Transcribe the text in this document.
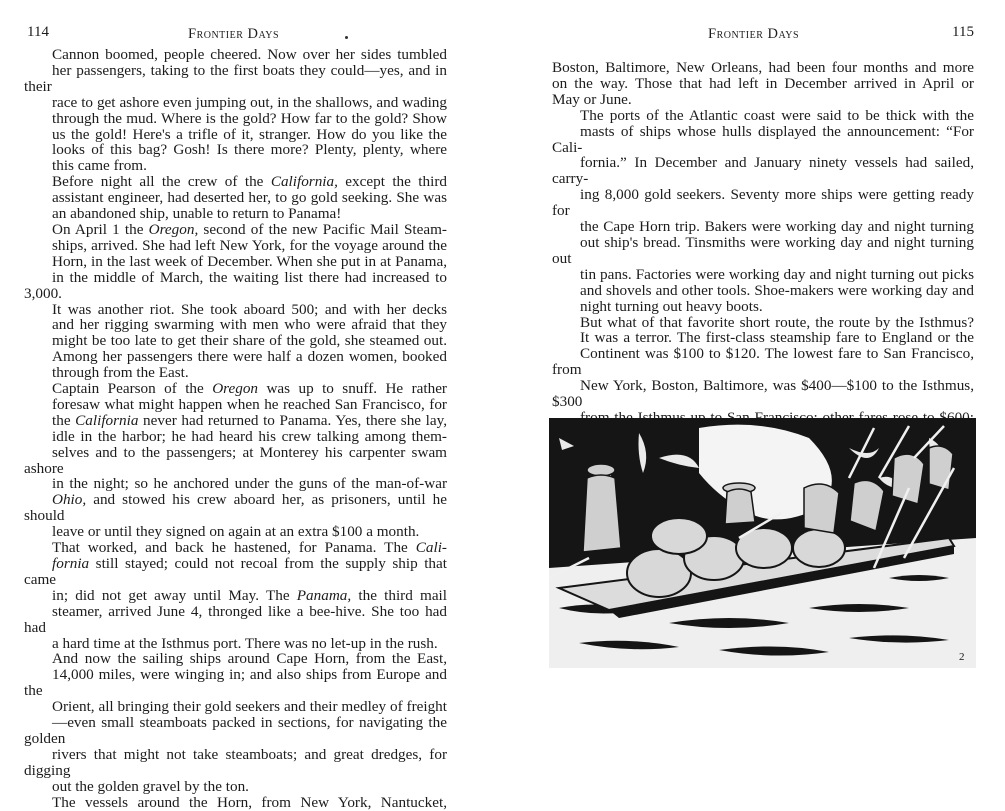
114	Frontier Days

Cannon boomed, people cheered. Now over her sides tumbled
her passengers, taking to the first boats they could—yes, and in their
race to get ashore even jumping out, in the shallows, and wading
through the mud. Where is the gold? How far to the gold? Show
us the gold! Here's a trifle of it, stranger. How do you like the
looks of this bag? Gosh! Is there more? Plenty, plenty, where
this came from.

Before night all the crew of the California, except the third
assistant engineer, had deserted her, to go gold seeking. She was
an abandoned ship, unable to return to Panama!

On April 1 the Oregon, second of the new Pacific Mail Steam-
ships, arrived. She had left New York, for the voyage around the
Horn, in the last week of December. When she put in at Panama,
in the middle of March, the waiting list there had increased to 3,000.

It was another riot. She took aboard 500; and with her decks
and her rigging swarming with men who were afraid that they
might be too late to get their share of the gold, she steamed out.
Among her passengers there were half a dozen women, booked
through from the East.

Captain Pearson of the Oregon was up to snuff. He rather
foresaw what might happen when he reached San Francisco, for
the California never had returned to Panama. Yes, there she lay,
idle in the harbor; he had heard his crew talking among them-
selves and to the passengers; at Monterey his carpenter swam ashore
in the night; so he anchored under the guns of the man-of-war
Ohio, and stowed his crew aboard her, as prisoners, until he should
leave or until they signed on again at an extra $100 a month.

That worked, and back he hastened, for Panama. The Cali-
fornia still stayed; could not recoal from the supply ship that came
in; did not get away until May. The Panama, the third mail
steamer, arrived June 4, thronged like a bee-hive. She too had had
a hard time at the Isthmus port. There was no let-up in the rush.

And now the sailing ships around Cape Horn, from the East,
14,000 miles, were winging in; and also ships from Europe and the
Orient, all bringing their gold seekers and their medley of freight
—even small steamboats packed in sections, for navigating the golden
rivers that might not take steamboats; and great dredges, for digging
out the golden gravel by the ton.

The vessels around the Horn, from New York, Nantucket,

Frontier Days	115

Boston, Baltimore, New Orleans, had been four months and more
on the way. Those that had left in December arrived in April or
May or June.

The ports of the Atlantic coast were said to be thick with the
masts of ships whose hulls displayed the announcement: “For Cali-
fornia.” In December and January ninety vessels had sailed, carry-
ing 8,000 gold seekers. Seventy more ships were getting ready for
the Cape Horn trip. Bakers were working day and night turning
out ship's bread. Tinsmiths were working day and night turning out
tin pans. Factories were working day and night turning out picks
and shovels and other tools. Shoe-makers were working day and
night turning out heavy boots.

But what of that favorite short route, the route by the Isthmus?
It was a terror. The first-class steamship fare to England or the
Continent was $100 to $120. The lowest fare to San Francisco, from
New York, Boston, Baltimore, was $400—$100 to the Isthmus, $300

2
